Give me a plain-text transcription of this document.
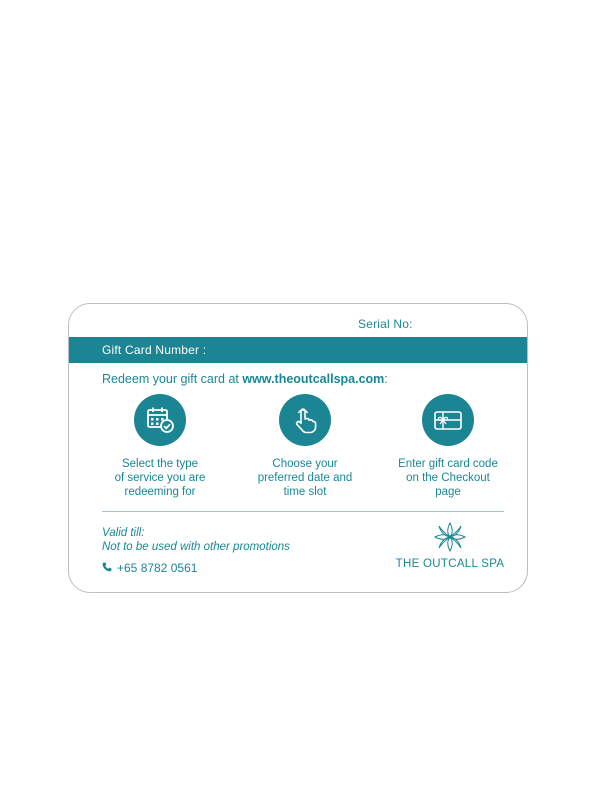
Serial No:
Gift Card Number :
Redeem your gift card at www.theoutcallspa.com:
Select the type
of service you are
redeeming for
Choose your
preferred date and
time slot
Enter gift card code
on the Checkout
page
Valid till:
Not to be used with other promotions
+65 8782 0561	THE OUTCALL SPA
